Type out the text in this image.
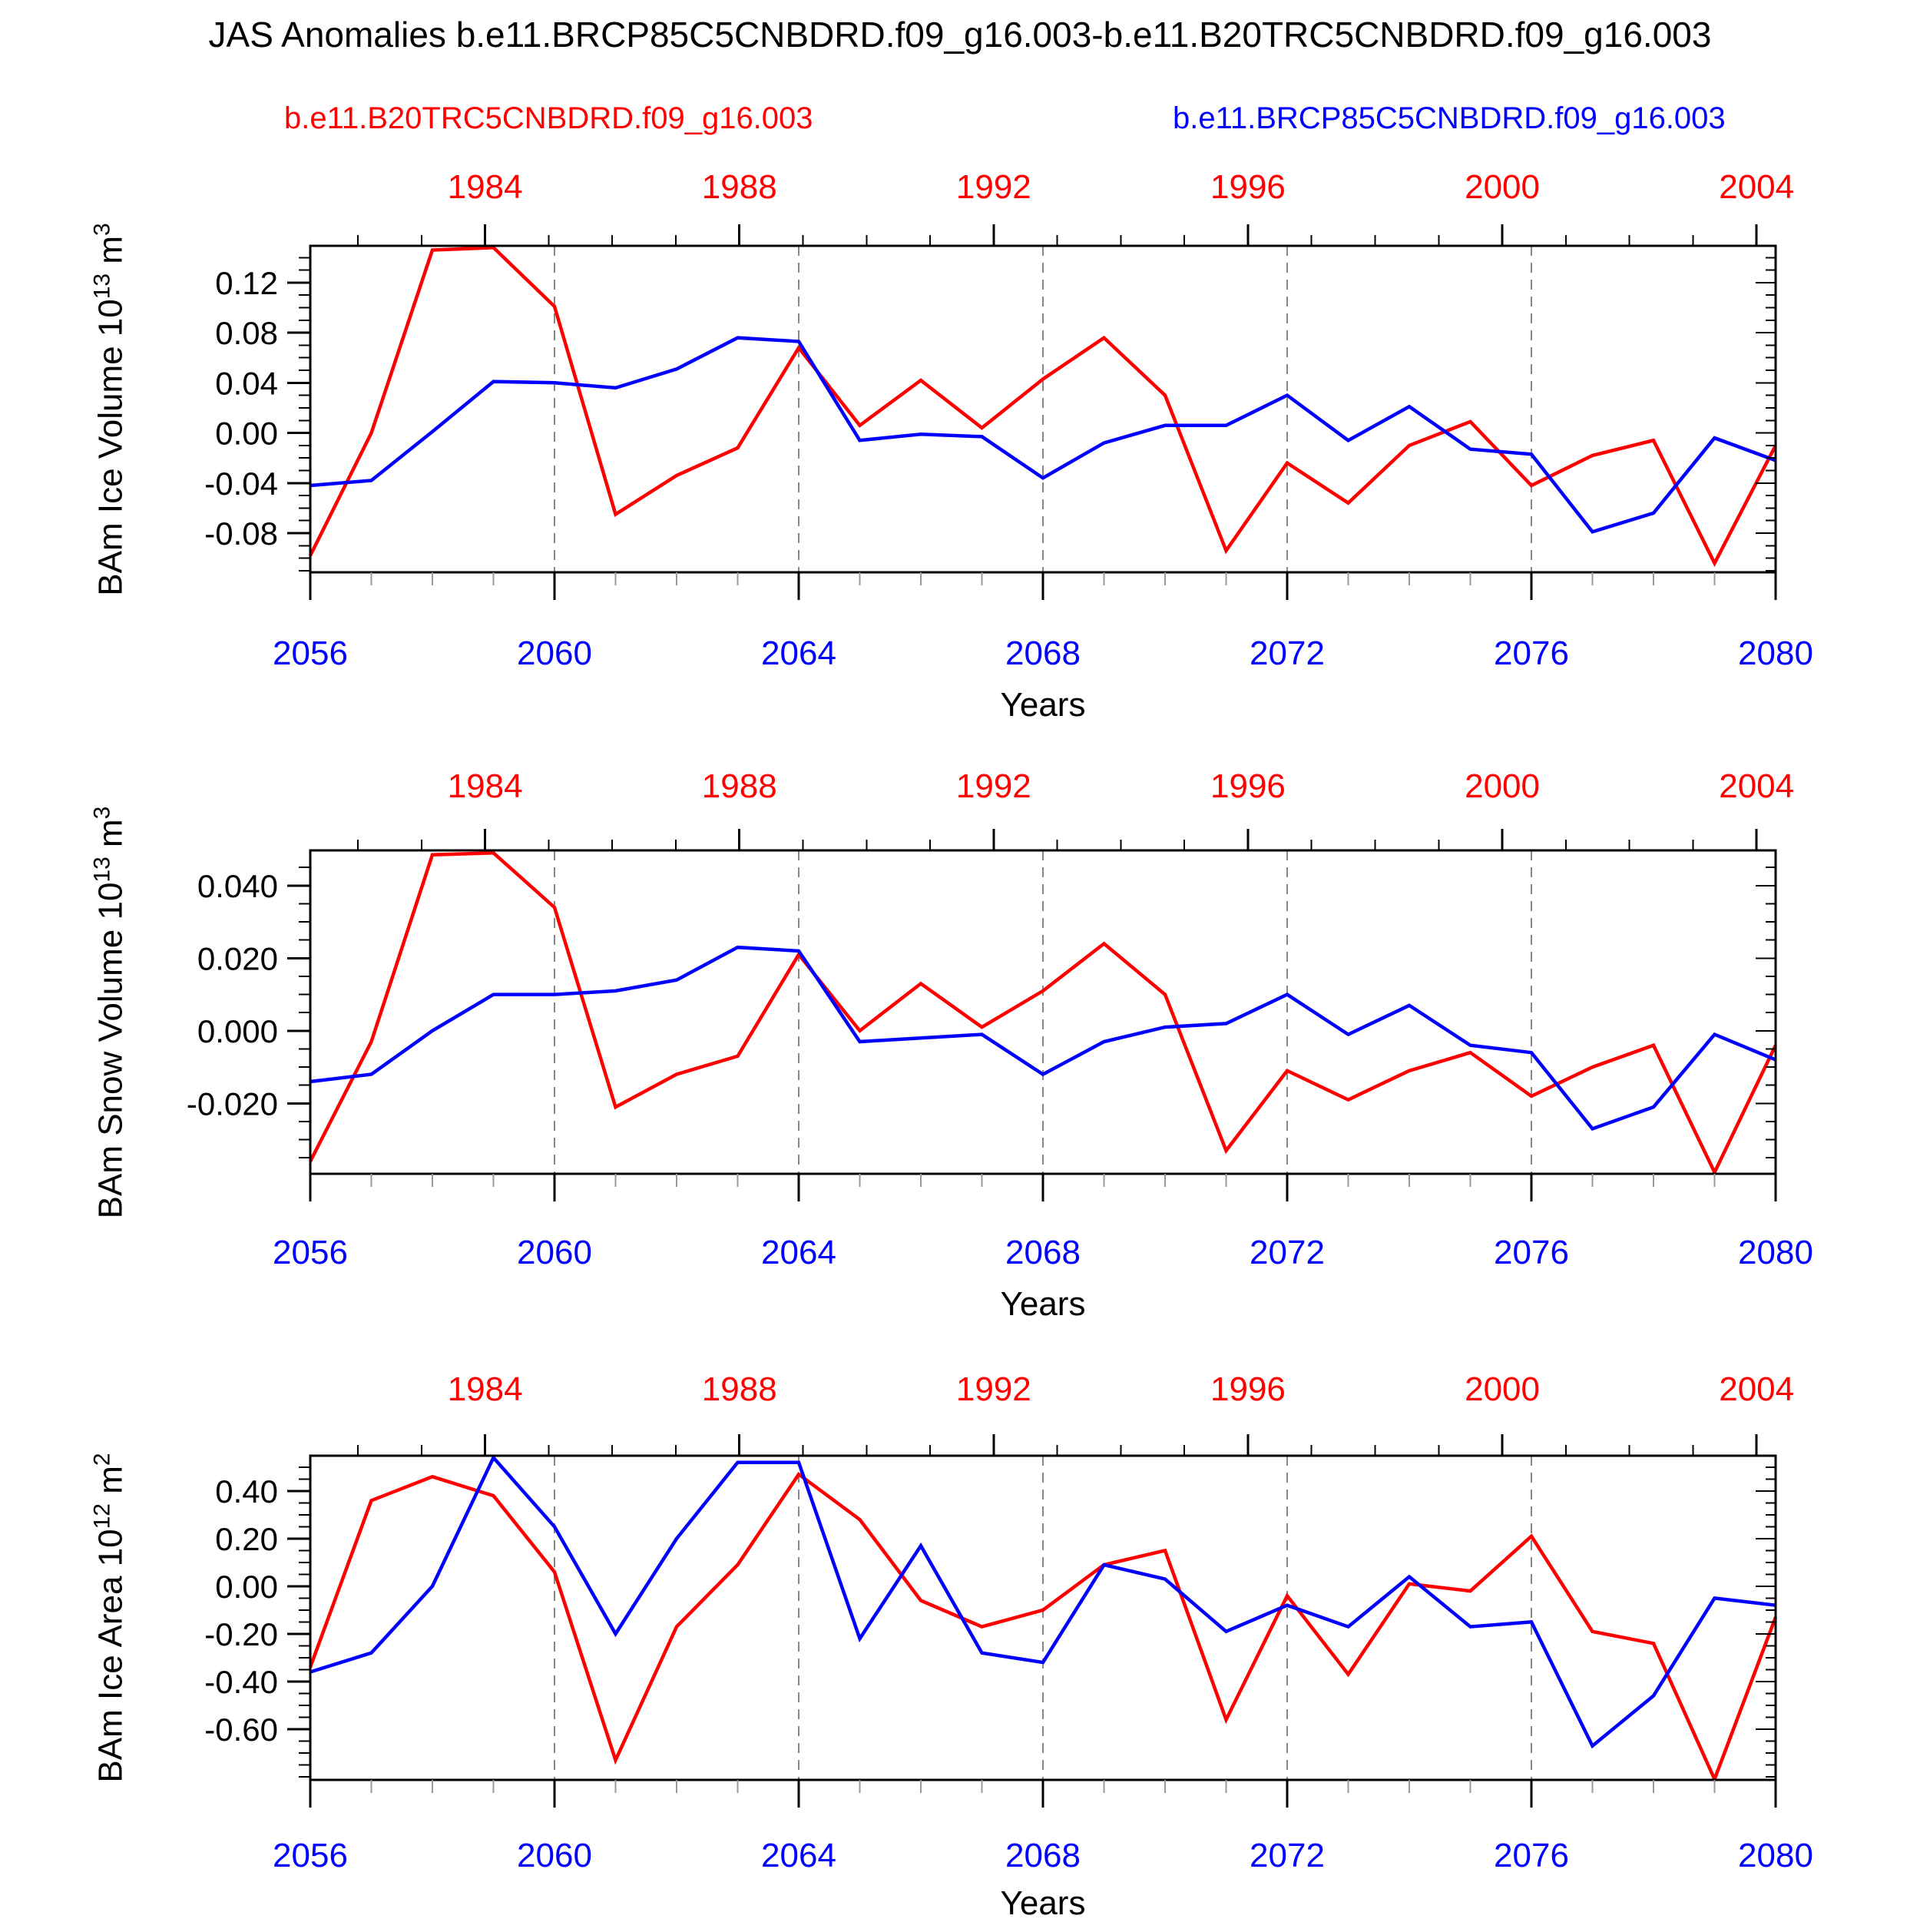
JAS Anomalies b.e11.BRCP85C5CNBDRD.f09_g16.003-b.e11.B20TRC5CNBDRD.f09_g16.003
b.e11.B20TRC5CNBDRD.f09_g16.003	b.e11.BRCP85C5CNBDRD.f09_g16.003
BAm Ice Volume $10^{13}$ $m^3$
BAm Snow Volume $10^{13}$ $m^3$
BAm Ice Area $10^{12}$ $m^2$
0.12
0.08
0.04
0.00
-0.04
-0.08
1984	1988	1992	1996	2000	2004
2056	2060	2064	2068	2072	2076	2080
0.040
0.020
0.000
-0.020
1984	1988	1992	1996	2000	2004
2056	2060	2064	2068	2072	2076	2080
0.40
0.20
0.00
-0.20
-0.40
-0.60
1984	1988	1992	1996	2000	2004
2056	2060	2064	2068	2072	2076	2080
Years
Years
Years
